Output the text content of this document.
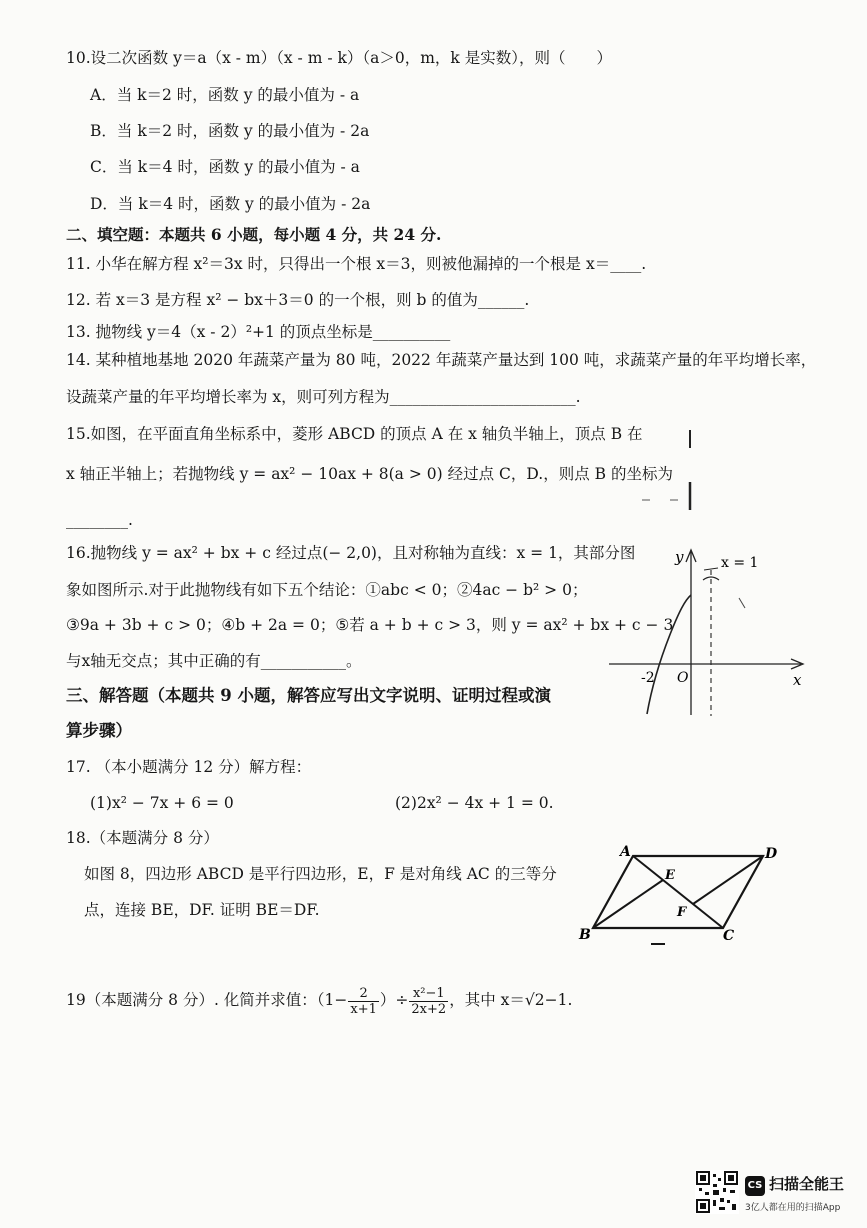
10.设二次函数 y＝a（x - m）（x - m - k）（a＞0，m，k 是实数），则（　　）
A．当 k＝2 时，函数 y 的最小值为 - a
B．当 k＝2 时，函数 y 的最小值为 - 2a
C．当 k＝4 时，函数 y 的最小值为 - a
D．当 k＝4 时，函数 y 的最小值为 - 2a
二、填空题：本题共 6 小题，每小题 4 分，共 24 分.
11. 小华在解方程 x²＝3x 时，只得出一个根 x＝3，则被他漏掉的一个根是 x＝____.
12. 若 x＝3 是方程 x² − bx＋3＝0 的一个根，则 b 的值为______.
13. 抛物线 y＝4（x - 2）²+1 的顶点坐标是__________
14. 某种植地基地 2020 年蔬菜产量为 80 吨，2022 年蔬菜产量达到 100 吨，求蔬菜产量的年平均增长率，
设蔬菜产量的年平均增长率为 x，则可列方程为________________________.
15.如图，在平面直角坐标系中，菱形 ABCD 的顶点 A 在 x 轴负半轴上，顶点 B 在
x 轴正半轴上；若抛物线 y = ax² − 10ax + 8(a > 0) 经过点 C，D.，则点 B 的坐标为
________.
16.抛物线 y = ax² + bx + c 经过点(− 2,0)，且对称轴为直线：x = 1，其部分图
象如图所示.对于此抛物线有如下五个结论：①abc < 0；②4ac − b² > 0；
③9a + 3b + c > 0；④b + 2a = 0；⑤若 a + b + c > 3，则 y = ax² + bx + c − 3
与x轴无交点；其中正确的有___________。
y
x
x = 1
O
-2
三、解答题（本题共 9 小题，解答应写出文字说明、证明过程或演
算步骤）
17. （本小题满分 12 分）解方程：
(1)x² − 7x + 6 = 0	(2)2x² − 4x + 1 = 0.
18.（本题满分 8 分）
如图 8，四边形 ABCD 是平行四边形，E，F 是对角线 AC 的三等分
点，连接 BE，DF. 证明 BE＝DF.
A	D
B	C
E
F
19（本题满分 8 分）. 化简并求值：（$1- \frac{2}{x+1}$ ）÷ $\frac{\text{x²−1}}{2x+2}$ ，其中 x＝√2−1.
CS 扫描全能王
3亿人都在用的扫描App
